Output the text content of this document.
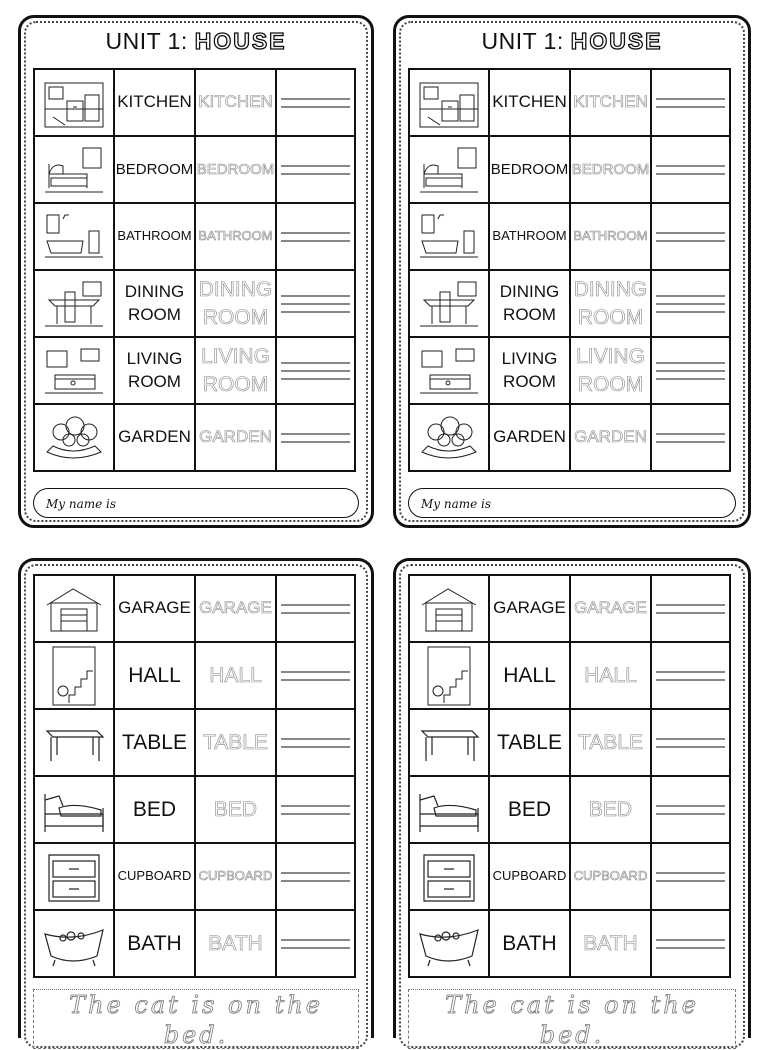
UNIT 1: HOUSE
	KITCHEN	KITCHEN	

	BEDROOM	BEDROOM	

	BATHROOM	BATHROOM	

	DINING ROOM	DINING ROOM	

	LIVING ROOM	LIVING ROOM	

	GARDEN	GARDEN	
My name is
UNIT 1: HOUSE
	KITCHEN	KITCHEN	

	BEDROOM	BEDROOM	

	BATHROOM	BATHROOM	

	DINING ROOM	DINING ROOM	

	LIVING ROOM	LIVING ROOM	

	GARDEN	GARDEN	
My name is
	GARAGE	GARAGE	

	HALL	HALL	

	TABLE	TABLE	

	BED	BED	

	CUPBOARD	CUPBOARD	

	BATH	BATH	
The cat is on the bed.
	GARAGE	GARAGE	

	HALL	HALL	

	TABLE	TABLE	

	BED	BED	

	CUPBOARD	CUPBOARD	

	BATH	BATH	
The cat is on the bed.
